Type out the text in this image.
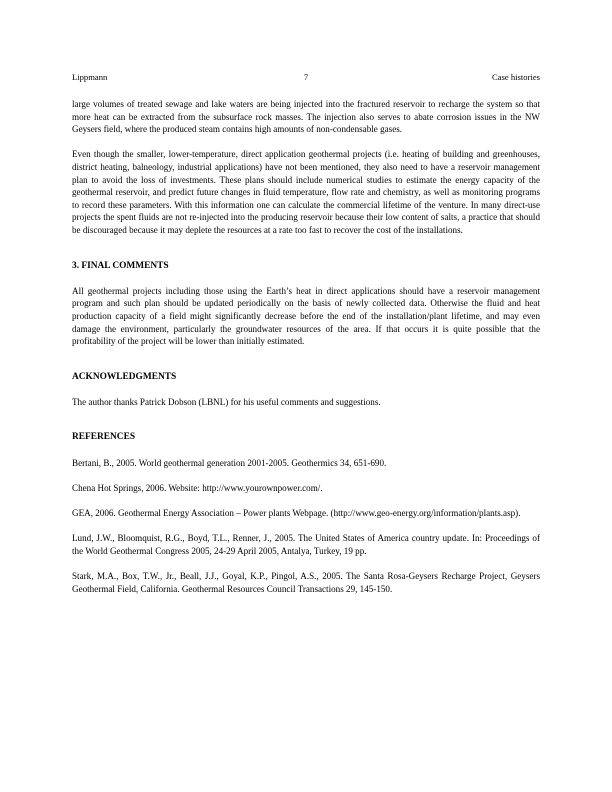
Lippmann	7	Case histories

large volumes of treated sewage and lake waters are being injected into the fractured reservoir to recharge the system so that more heat can be extracted from the subsurface rock masses. The injection also serves to abate corrosion issues in the NW Geysers field, where the produced steam contains high amounts of non-condensable gases.

Even though the smaller, lower-temperature, direct application geothermal projects (i.e. heating of building and greenhouses, district heating, balneology, industrial applications) have not been mentioned, they also need to have a reservoir management plan to avoid the loss of investments. These plans should include numerical studies to estimate the energy capacity of the geothermal reservoir, and predict future changes in fluid temperature, flow rate and chemistry, as well as monitoring programs to record these parameters. With this information one can calculate the commercial lifetime of the venture. In many direct-use projects the spent fluids are not re-injected into the producing reservoir because their low content of salts, a practice that should be discouraged because it may deplete the resources at a rate too fast to recover the cost of the installations.

3. FINAL COMMENTS

All geothermal projects including those using the Earth’s heat in direct applications should have a reservoir management program and such plan should be updated periodically on the basis of newly collected data. Otherwise the fluid and heat production capacity of a field might significantly decrease before the end of the installation/plant lifetime, and may even damage the environment, particularly the groundwater resources of the area. If that occurs it is quite possible that the profitability of the project will be lower than initially estimated.

ACKNOWLEDGMENTS

The author thanks Patrick Dobson (LBNL) for his useful comments and suggestions.

REFERENCES

Bertani, B., 2005. World geothermal generation 2001-2005. Geothermics 34, 651-690.

Chena Hot Springs, 2006. Website: http://www.yourownpower.com/.

GEA, 2006. Geothermal Energy Association – Power plants Webpage. (http://www.geo-energy.org/information/plants.asp).

Lund, J.W., Bloomquist, R.G., Boyd, T.L., Renner, J., 2005. The United States of America country update. In: Proceedings of the World Geothermal Congress 2005, 24-29 April 2005, Antalya, Turkey, 19 pp.

Stark, M.A., Box, T.W., Jr., Beall, J.J., Goyal, K.P., Pingol, A.S., 2005. The Santa Rosa-Geysers Recharge Project, Geysers Geothermal Field, California. Geothermal Resources Council Transactions 29, 145-150.
